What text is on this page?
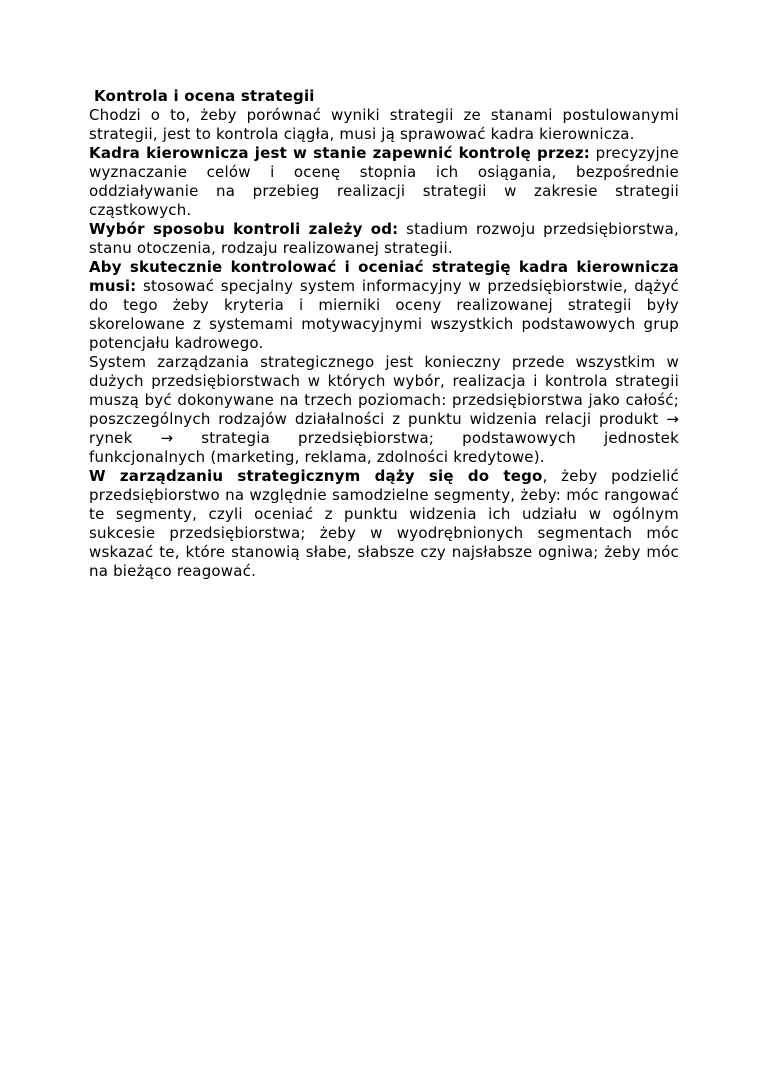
Kontrola i ocena strategii

Chodzi o to, żeby porównać wyniki strategii ze stanami postulowanymi strategii, jest to kontrola ciągła, musi ją sprawować kadra kierownicza.

Kadra kierownicza jest w stanie zapewnić kontrolę przez: precyzyjne wyznaczanie celów i ocenę stopnia ich osiągania, bezpośrednie oddziaływanie na przebieg realizacji strategii w zakresie strategii cząstkowych.

Wybór sposobu kontroli zależy od: stadium rozwoju przedsiębiorstwa, stanu otoczenia, rodzaju realizowanej strategii.

Aby skutecznie kontrolować i oceniać strategię kadra kierownicza musi: stosować specjalny system informacyjny w przedsiębiorstwie, dążyć do tego żeby kryteria i mierniki oceny realizowanej strategii były skorelowane z systemami motywacyjnymi wszystkich podstawowych grup potencjału kadrowego.

System zarządzania strategicznego jest konieczny przede wszystkim w dużych przedsiębiorstwach w których wybór, realizacja i kontrola strategii muszą być dokonywane na trzech poziomach: przedsiębiorstwa jako całość; poszczególnych rodzajów działalności z punktu widzenia relacji produkt → rynek → strategia przedsiębiorstwa; podstawowych jednostek funkcjonalnych (marketing, reklama, zdolności kredytowe).

W zarządzaniu strategicznym dąży się do tego, żeby podzielić przedsiębiorstwo na względnie samodzielne segmenty, żeby: móc rangować te segmenty, czyli oceniać z punktu widzenia ich udziału w ogólnym sukcesie przedsiębiorstwa; żeby w wyodrębnionych segmentach móc wskazać te, które stanowią słabe, słabsze czy najsłabsze ogniwa; żeby móc na bieżąco reagować.
